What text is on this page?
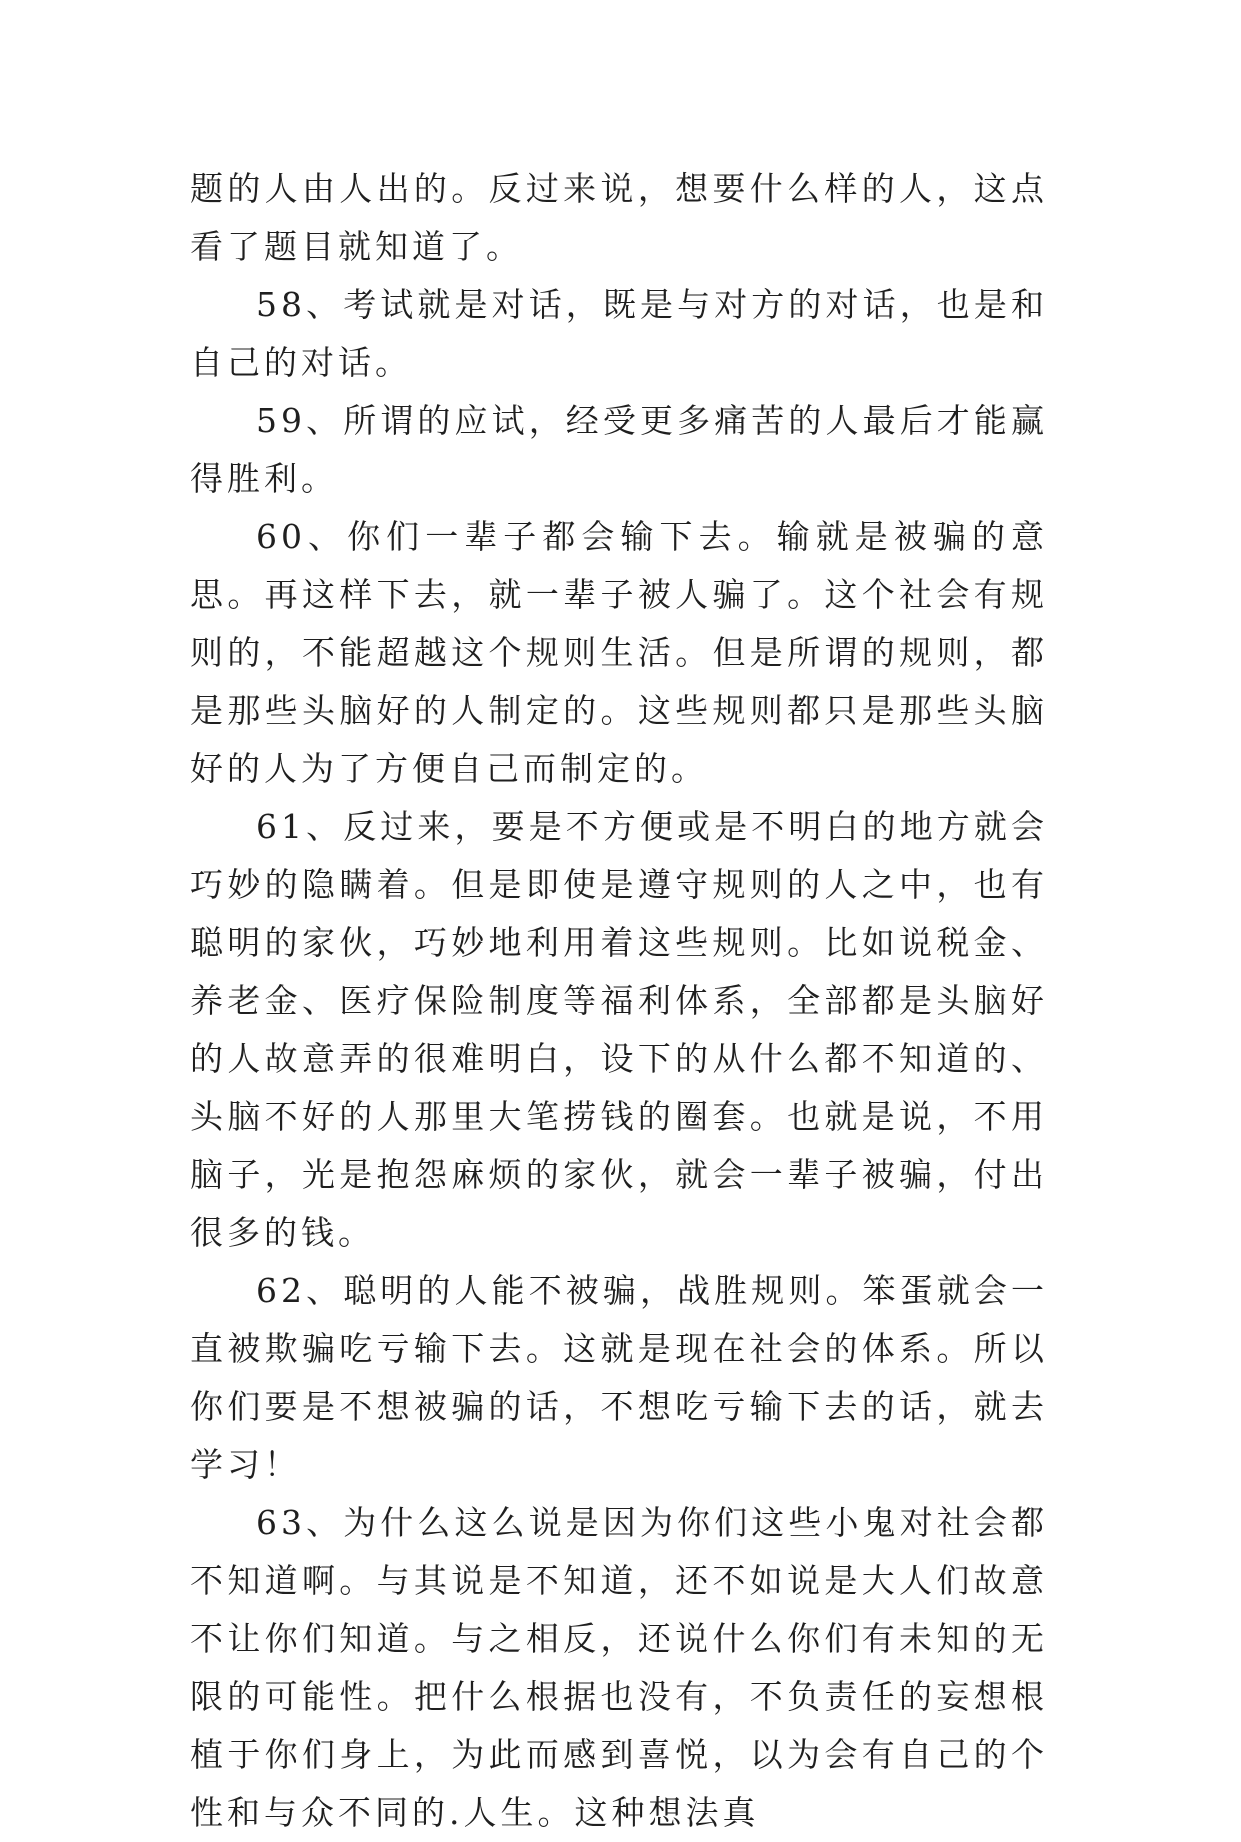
题的人由人出的。反过来说，想要什么样的人，这点看了题目就知道了。

58、考试就是对话，既是与对方的对话，也是和自己的对话。

59、所谓的应试，经受更多痛苦的人最后才能赢得胜利。

60、你们一辈子都会输下去。输就是被骗的意思。再这样下去，就一辈子被人骗了。这个社会有规则的，不能超越这个规则生活。但是所谓的规则，都是那些头脑好的人制定的。这些规则都只是那些头脑好的人为了方便自己而制定的。

61、反过来，要是不方便或是不明白的地方就会巧妙的隐瞒着。但是即使是遵守规则的人之中，也有聪明的家伙，巧妙地利用着这些规则。比如说税金、养老金、医疗保险制度等福利体系，全部都是头脑好的人故意弄的很难明白，设下的从什么都不知道的、头脑不好的人那里大笔捞钱的圈套。也就是说，不用脑子，光是抱怨麻烦的家伙，就会一辈子被骗，付出很多的钱。

62、聪明的人能不被骗，战胜规则。笨蛋就会一直被欺骗吃亏输下去。这就是现在社会的体系。所以你们要是不想被骗的话，不想吃亏输下去的话，就去学习！

63、为什么这么说是因为你们这些小鬼对社会都不知道啊。与其说是不知道，还不如说是大人们故意不让你们知道。与之相反，还说什么你们有未知的无限的可能性。把什么根据也没有，不负责任的妄想根植于你们身上，为此而感到喜悦，以为会有自己的个性和与众不同的.人生。这种想法真
